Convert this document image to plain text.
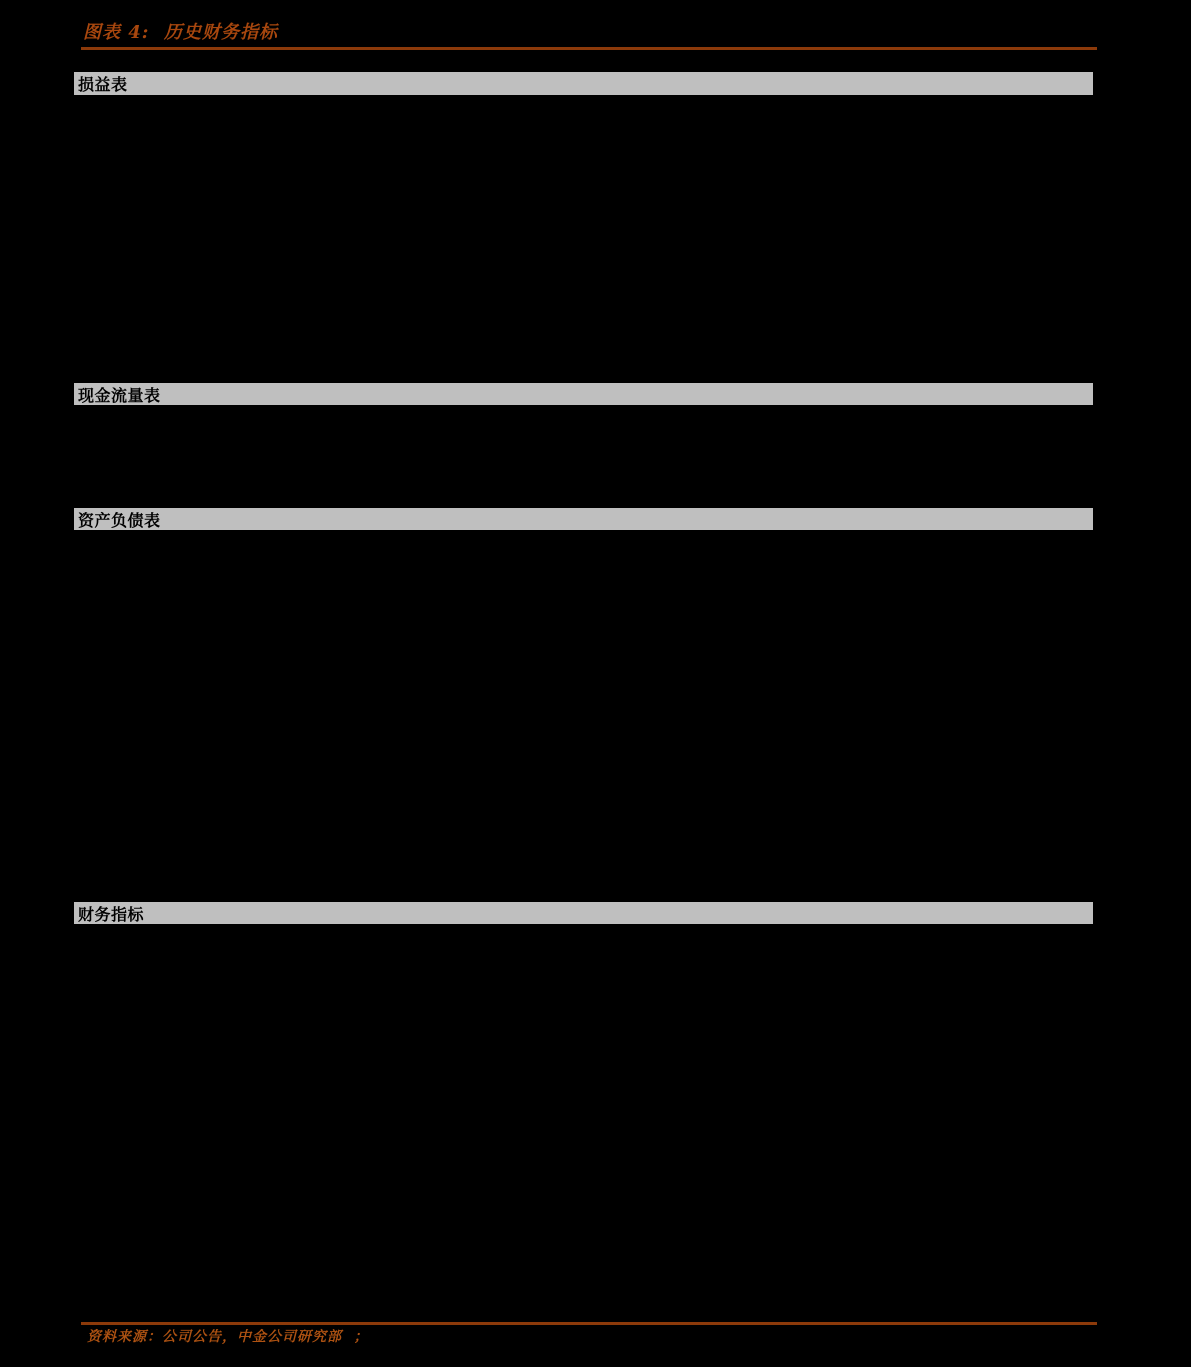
图表 4:  历史财务指标
损益表
现金流量表
资产负债表
财务指标
资料来源：公司公告，中金公司研究部  ；
